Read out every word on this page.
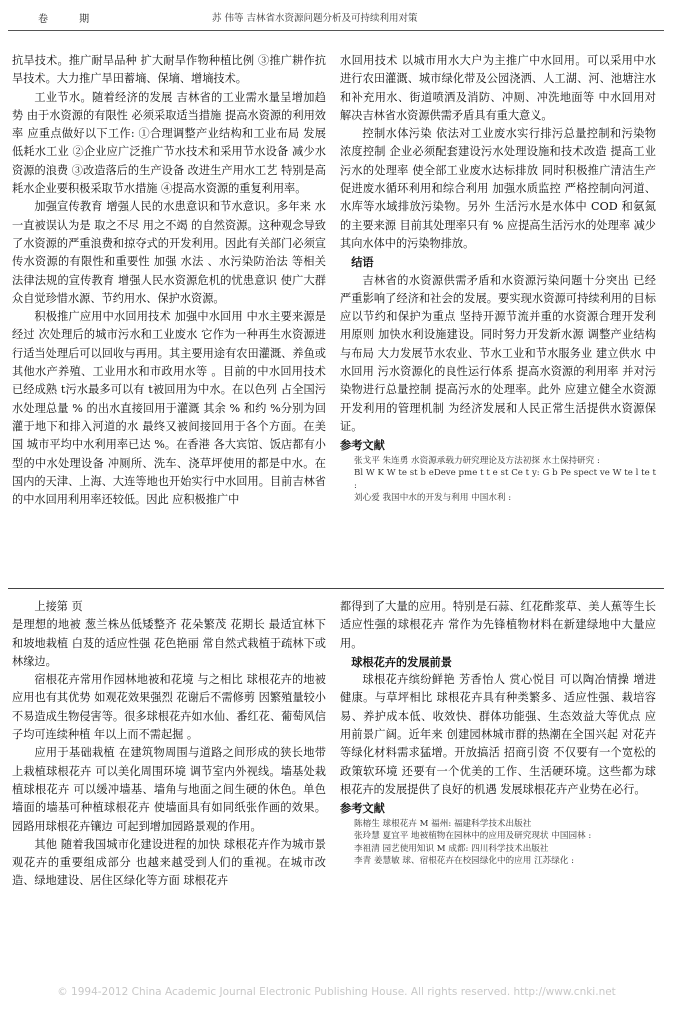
卷 期	苏 伟等 吉林省水资源问题分析及可持续利用对策

抗旱技术。推广耐旱品种 扩大耐旱作物种植比例 ③推广耕作抗旱技术。大力推广旱田蓄墒、保墒、增墒技术。

工业节水。随着经济的发展 吉林省的工业需水量呈增加趋势 由于水资源的有限性 必须采取适当措施 提高水资源的利用效率 应重点做好以下工作: ①合理调整产业结构和工业布局 发展低耗水工业 ②企业应广泛推广节水技术和采用节水设备 减少水资源的浪费 ③改造落后的生产设备 改进生产用水工艺 特别是高耗水企业要积极采取节水措施 ④提高水资源的重复利用率。

加强宣传教育 增强人民的水患意识和节水意识。多年来 水一直被误认为是 取之不尽 用之不竭 的自然资源。这种观念导致了水资源的严重浪费和掠夺式的开发利用。因此有关部门必须宣传水资源的有限性和重要性 加强 水法 、水污染防治法 等相关法律法规的宣传教育 增强人民水资源危机的忧患意识 使广大群众自觉珍惜水源、节约用水、保护水资源。

积极推广应用中水回用技术 加强中水回用 中水主要来源是经过 次处理后的城市污水和工业废水 它作为一种再生水资源进行适当处理后可以回收与再用。其主要用途有农田灌溉、养鱼或其他水产养殖、工业用水和市政用水等 。目前的中水回用技术已经成熟 t污水最多可以有 t被回用为中水。在以色列 占全国污水处理总量 % 的出水直接回用于灌溉 其余 % 和约 %分别为回灌于地下和排入河道的水 最终又被间接回用于各个方面。在美国 城市平均中水利用率已达 %。在香港 各大宾馆、饭店都有小型的中水处理设备 冲厕所、洗车、浇草坪使用的都是中水。在国内的天津、上海、大连等地也开始实行中水回用。目前吉林省的中水回用利用率还较低。因此 应积极推广中

水回用技术 以城市用水大户为主推广中水回用。可以采用中水进行农田灌溉、城市绿化带及公园浇洒、人工湖、河、池塘注水和补充用水、街道喷洒及消防、冲厕、冲洗地面等 中水回用对解决吉林省水资源供需矛盾具有重大意义。

控制水体污染 依法对工业废水实行排污总量控制和污染物浓度控制 企业必须配套建设污水处理设施和技术改造 提高工业污水的处理率 使全部工业废水达标排放 同时积极推广清洁生产 促进废水循环利用和综合利用 加强水质监控 严格控制向河道、水库等水域排放污染物。另外 生活污水是水体中 COD 和氨氮的主要来源 目前其处理率只有 % 应提高生活污水的处理率 减少其向水体中的污染物排放。

结语

吉林省的水资源供需矛盾和水资源污染问题十分突出 已经严重影响了经济和社会的发展。要实现水资源可持续利用的目标 应以节约和保护为重点 坚持开源节流并重的水资源合理开发利用原则 加快水利设施建设。同时努力开发新水源 调整产业结构与布局 大力发展节水农业、节水工业和节水服务业 建立供水 中水回用 污水资源化的良性运行体系 提高水资源的利用率 并对污染物进行总量控制 提高污水的处理率。此外 应建立健全水资源开发利用的管理机制 为经济发展和人民正常生活提供水资源保证。

参考文献

张戈平 朱连勇 水资源承载力研究理论及方法初探 水土保持研究 :

Bl W K W te st b eDeve pme t t e st Ce t y: G b Pe spect ve W te l te t :

刘心爱 我国中水的开发与利用 中国水利 :

上接第 页

是理想的地被 葱兰株丛低矮整齐 花朵繁茂 花期长 最适宜林下和坡地栽植 白芨的适应性强 花色艳丽 常自然式栽植于疏林下或林缘边。

宿根花卉常用作园林地被和花境 与之相比 球根花卉的地被应用也有其优势 如观花效果强烈 花谢后不需修剪 因繁殖量较小不易造成生物侵害等。很多球根花卉如水仙、番红花、葡萄风信子均可连续种植 年以上而不需起掘 。

应用于基础栽植 在建筑物周围与道路之间形成的狭长地带上栽植球根花卉 可以美化周围环境 调节室内外视线。墙基处栽植球根花卉 可以缓冲墙基、墙角与地面之间生硬的休色。单色墙面的墙基可种植球根花卉 使墙面具有如同纸张作画的效果。园路用球根花卉镶边 可起到增加园路景观的作用。

其他 随着我国城市化建设进程的加快 球根花卉作为城市景观花卉的重要组成部分 也越来越受到人们的重视。在城市改造、绿地建设、居住区绿化等方面 球根花卉

都得到了大量的应用。特别是石蒜、红花酢浆草、美人蕉等生长适应性强的球根花卉 常作为先锋植物材料在新建绿地中大量应用。

球根花卉的发展前景

球根花卉缤纷鲜艳 芳香怡人 赏心悦目 可以陶冶情操 增进健康。与草坪相比 球根花卉具有种类繁多、适应性强、栽培容易、养护成本低、收效快、群体功能强、生态效益大等优点 应用前景广阔。近年来 创建园林城市群的热潮在全国兴起 对花卉等绿化材料需求猛增。开放搞活 招商引资 不仅要有一个宽松的政策软环境 还要有一个优美的工作、生活硬环境。这些都为球根花卉的发展提供了良好的机遇 发展球根花卉产业势在必行。

参考文献

陈榕生 球根花卉 M 福州: 福建科学技术出版社

张玲慧 夏宜平 地被植物在园林中的应用及研究现状 中国园林 :

李祖清 园艺使用知识 M 成都: 四川科学技术出版社

李青 姜慧敏 球、宿根花卉在校园绿化中的应用 江苏绿化 :

© 1994-2012 China Academic Journal Electronic Publishing House. All rights reserved. http://www.cnki.net
